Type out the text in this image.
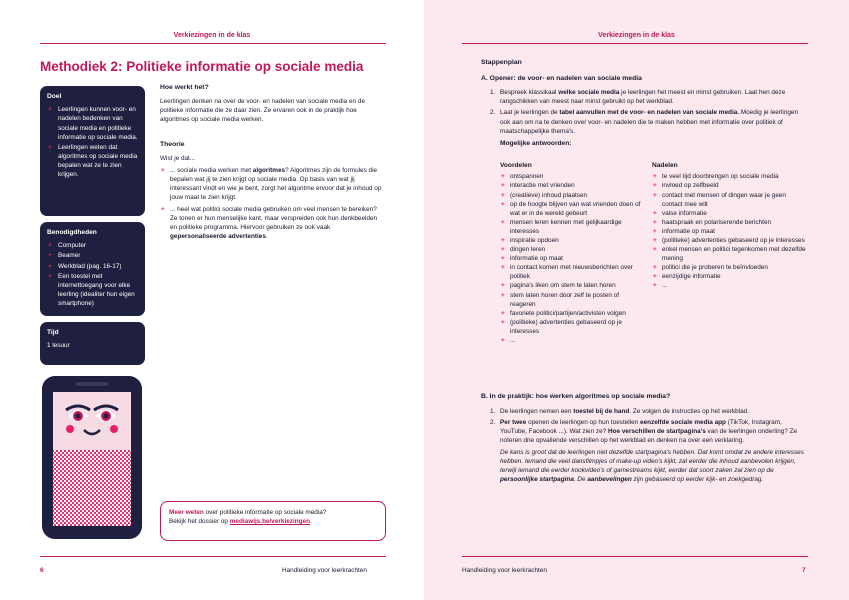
Verkiezingen in de klas
Methodiek 2: Politieke informatie op sociale media
Doel
+ Leerlingen kunnen voor- en nadelen bedenken van sociale media en politieke informatie op sociale media.
+ Leerlingen weten dat algoritmes op sociale media bepalen wat ze te zien krijgen.
Benodigdheden
+ Computer
+ Beamer
+ Werkblad (pag. 16-17)
+ Een toestel met internettoegang voor elke leerling (idealiter hun eigen smartphone)
Tijd
1 lesuur
Hoe werkt het?

Leerlingen denken na over de voor- en nadelen van sociale media en de politieke informatie die ze daar zien. Ze ervaren ook in de praktijk hoe algoritmes op sociale media werken.

Theorie

Wist je dat...

+ ... sociale media werken met algoritmes? Algoritmes zijn de formules die bepalen wat jij te zien krijgt op sociale media. Op basis van wat jij interessant vindt en wie je bent, zorgt het algoritme ervoor dat je inhoud op jouw maat te zien krijgt.
+ ... heel wat politici sociale media gebruiken om veel mensen te bereiken? Ze tonen er hun menselijke kant, maar verspreiden ook hun denkbeelden en politieke programma. Hiervoor gebruiken ze ook vaak gepersonaliseerde advertenties.
Meer weten over politieke informatie op sociale media?
Bekijk het dossier op mediawijs.be/verkiezingen.
6	Handleiding voor leerkrachten
Verkiezingen in de klas
Handleiding voor leerkrachten	7
Stappenplan
A. Opener: de voor- en nadelen van sociale media
1. Bespreek klassikaal welke sociale media je leerlingen het meest en minst gebruiken. Laat hen deze rangschikken van meest naar minst gebruikt op het werkblad.
2. Laat je leerlingen de tabel aanvullen met de voor- en nadelen van sociale media. Moedig je leerlingen ook aan om na te denken over voor- en nadelen die te maken hebben met informatie over politiek of maatschappelijke thema's.
Mogelijke antwoorden:
Voordelen
+ ontspannen
+ interactie met vrienden
+ (creatieve) inhoud plaatsen
+ op de hoogte blijven van wat vrienden doen of wat er in de wereld gebeurt
+ mensen leren kennen met gelijkaardige interesses
+ inspiratie opdoen
+ dingen leren
+ informatie op maat
+ in contact komen met nieuwsberichten over politiek
+ pagina's liken om stem te laten horen
+ stem laten horen door zelf te posten of reageren
+ favoriete politici/partijen/activisten volgen
+ (politieke) advertenties gebaseerd op je interesses
+ ...
Nadelen
+ te veel tijd doorbrengen op sociale media
+ invloed op zelfbeeld
+ contact met mensen of dingen waar je geen contact mee wilt
+ valse informatie
+ haatspraak en polariserende berichten
+ informatie op maat
+ (politieke) advertenties gebaseerd op je interesses
+ enkel mensen en politici tegenkomen met dezelfde mening
+ politici die je proberen te beïnvloeden
+ eenzijdige informatie
+ ...
B. In de praktijk: hoe werken algoritmes op sociale media?
1. De leerlingen nemen een toestel bij de hand. Ze volgen de instructies op het werkblad.
2. Per twee openen de leerlingen op hun toestellen eenzelfde sociale media app (TikTok, Instagram, YouTube, Facebook ...). Wat zien ze? Hoe verschillen de startpagina's van de leerlingen onderling? Ze noteren drie opvallende verschillen op het werkblad en denken na over een verklaring.

De kans is groot dat de leerlingen niet dezelfde startpagina's hebben. Dat komt omdat ze andere interesses hebben. Iemand die veel dansfilmpjes of make-up video's kijkt, zal eerder die inhoud aanbevolen krijgen, terwijl iemand die eerder kookvideo's of gamestreams kijkt, eerder dat soort zaken zal zien op de persoonlijke startpagina. De aanbevelingen zijn gebaseerd op eerder kijk- en zoekgedrag.
